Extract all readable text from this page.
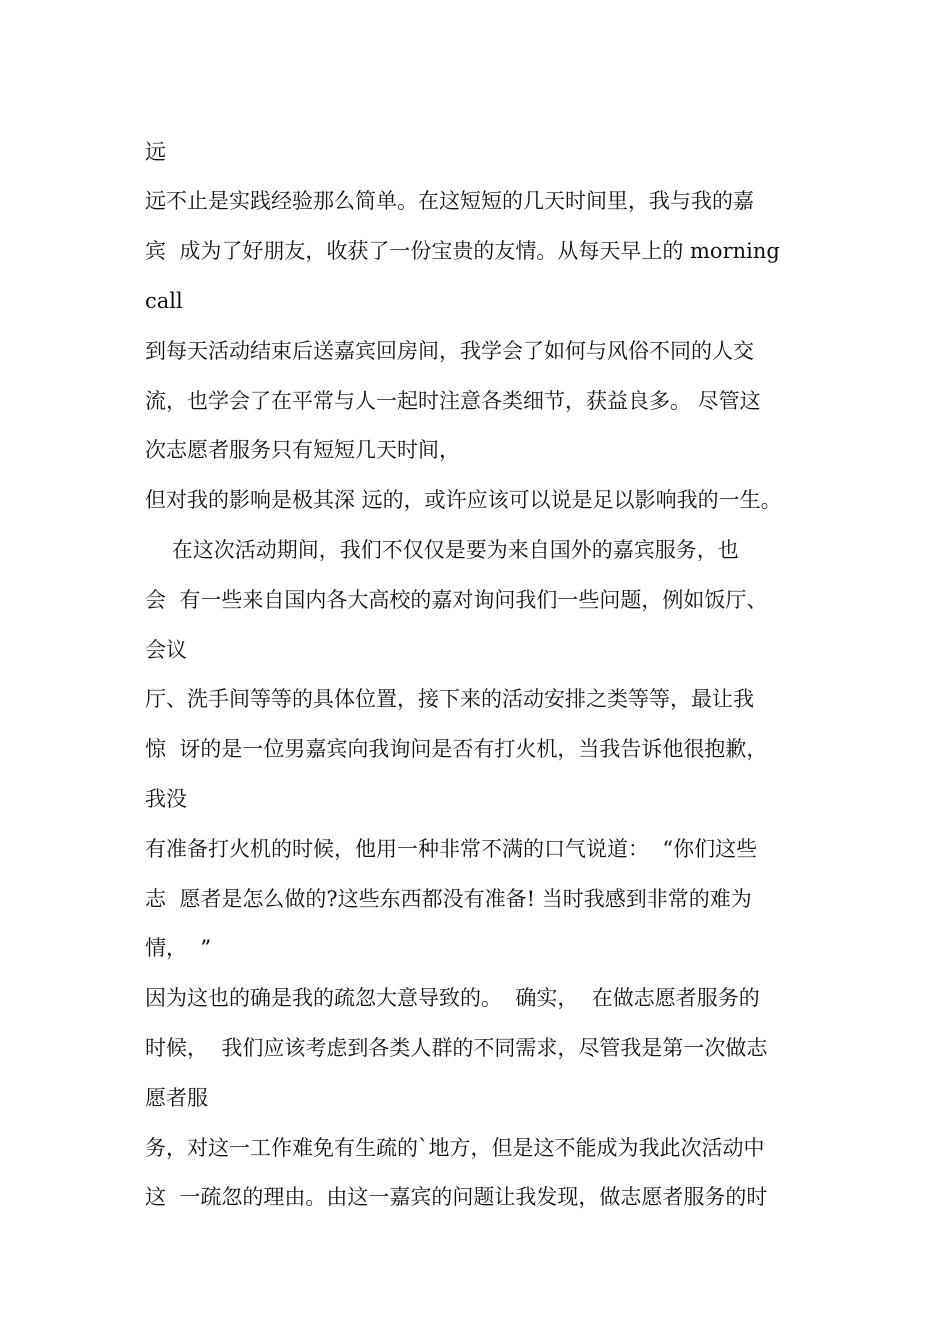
远

远不止是实践经验那么简单。在这短短的几天时间里，我与我的嘉

宾  成为了好朋友，收获了一份宝贵的友情。从每天早上的 morning

call

到每天活动结束后送嘉宾回房间，我学会了如何与风俗不同的人交

流，也学会了在平常与人一起时注意各类细节，获益良多。 尽管这

次志愿者服务只有短短几天时间，

但对我的影响是极其深 远的，或许应该可以说是足以影响我的一生。

在这次活动期间，我们不仅仅是要为来自国外的嘉宾服务，也

会  有一些来自国内各大高校的嘉对询问我们一些问题，例如饭厅、

会议

厅、洗手间等等的具体位置，接下来的活动安排之类等等，最让我

惊  讶的是一位男嘉宾向我询问是否有打火机，当我告诉他很抱歉，

我没

有准备打火机的时候，他用一种非常不满的口气说道：  “你们这些

志  愿者是怎么做的?这些东西都没有准备! 当时我感到非常的难为

情，  ”

因为这也的确是我的疏忽大意导致的。  确实，  在做志愿者服务的

时候，  我们应该考虑到各类人群的不同需求，尽管我是第一次做志

愿者服

务，对这一工作难免有生疏的`地方，但是这不能成为我此次活动中

这  一疏忽的理由。由这一嘉宾的问题让我发现，做志愿者服务的时
